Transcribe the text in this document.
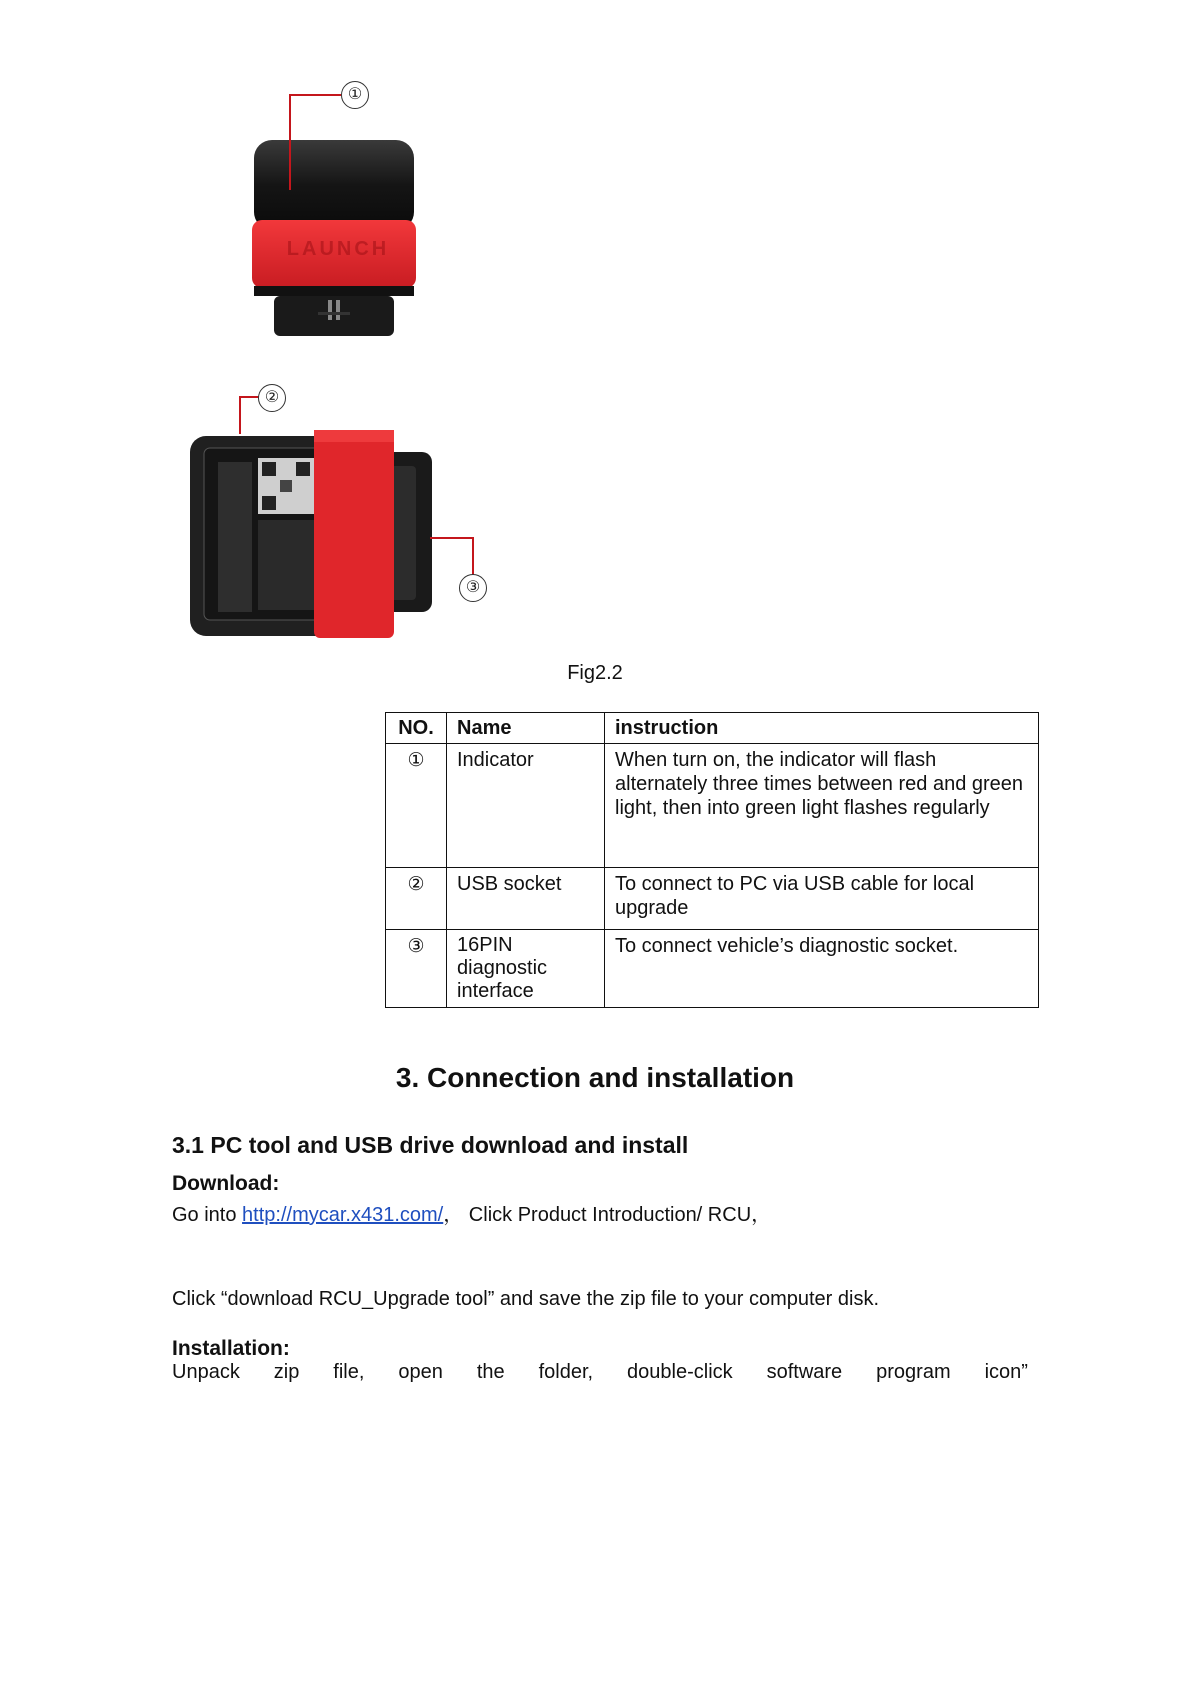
LAUNCH
①
②
③
Fig2.2
NO.	Name	instruction
①	Indicator	When turn on, the indicator will flash alternately three times between red and green light, then into green light flashes regularly
②	USB socket	To connect to PC via USB cable for local upgrade
③	16PIN diagnostic interface	To connect vehicle’s diagnostic socket.
3. Connection and installation
3.1 PC tool and USB drive download and install
Download:
Go into http://mycar.x431.com/， Click Product Introduction/ RCU，
Click “download RCU_Upgrade tool” and save the zip file to your computer disk.
Installation:
Unpack zip file, open the folder, double-click software program icon”
